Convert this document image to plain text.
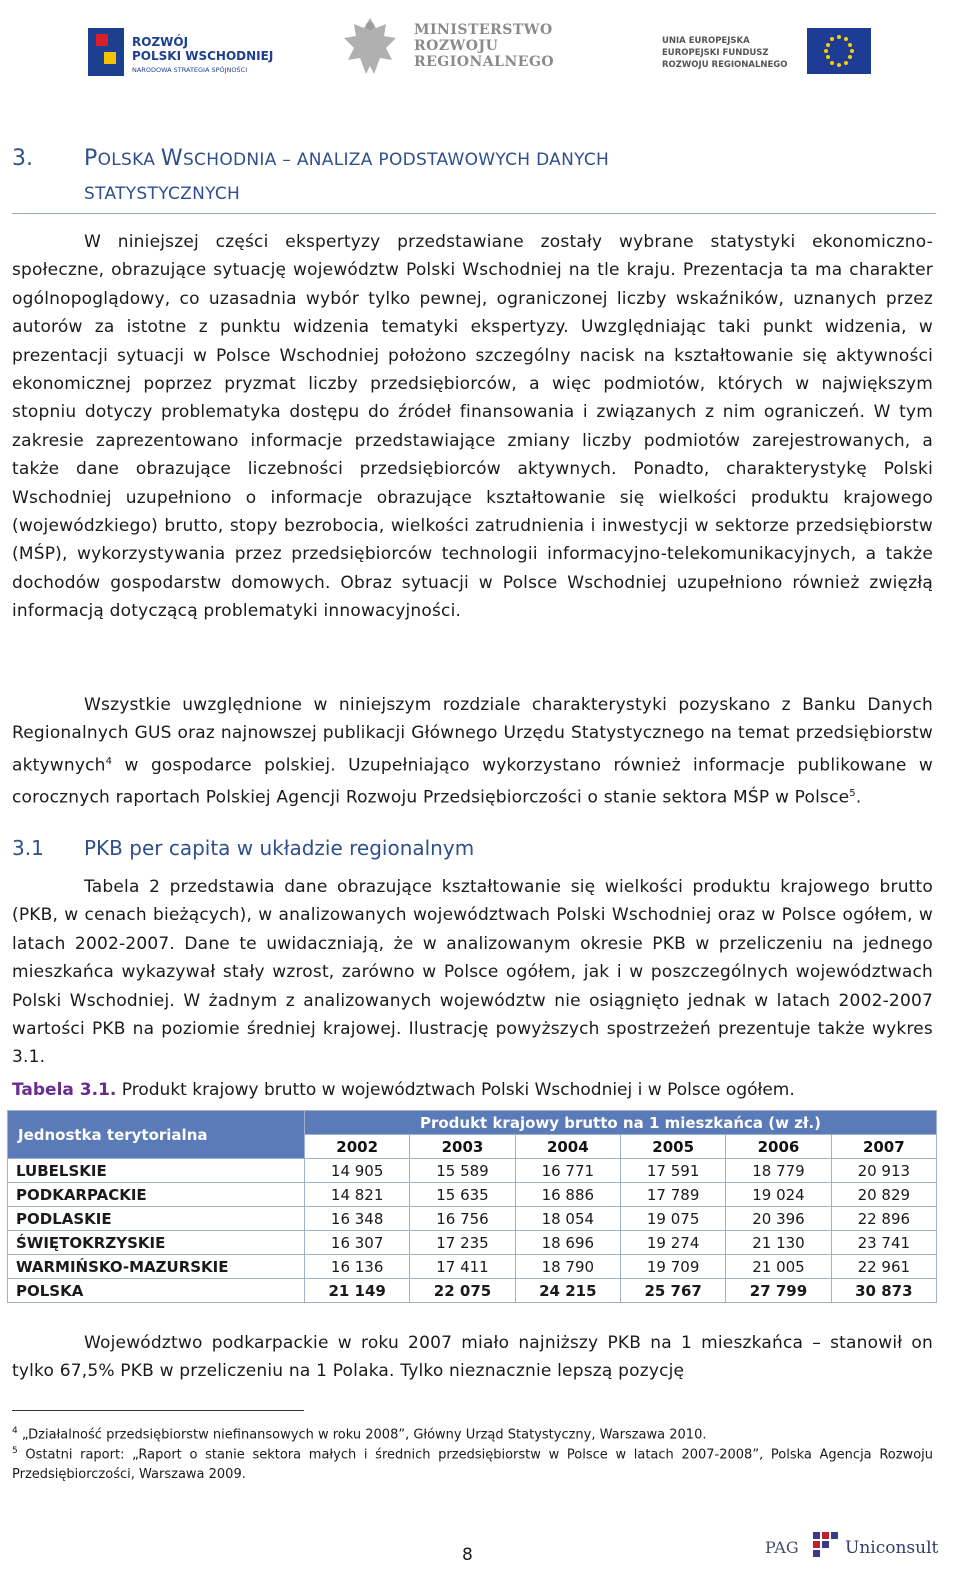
ROZWÓJ
POLSKI WSCHODNIEJ
NARODOWA STRATEGIA SPÓJNOŚCI
MINISTERSTWO
ROZWOJU
REGIONALNEGO
UNIA EUROPEJSKA
EUROPEJSKI FUNDUSZ
ROZWOJU REGIONALNEGO
3. POLSKA WSCHODNIA – ANALIZA PODSTAWOWYCH DANYCH
STATYSTYCZNYCH

W niniejszej części ekspertyzy przedstawiane zostały wybrane statystyki ekonomiczno-społeczne, obrazujące sytuację województw Polski Wschodniej na tle kraju. Prezentacja ta ma charakter ogólnopoglądowy, co uzasadnia wybór tylko pewnej, ograniczonej liczby wskaźników, uznanych przez autorów za istotne z punktu widzenia tematyki ekspertyzy. Uwzględniając taki punkt widzenia, w prezentacji sytuacji w Polsce Wschodniej położono szczególny nacisk na kształtowanie się aktywności ekonomicznej poprzez pryzmat liczby przedsiębiorców, a więc podmiotów, których w największym stopniu dotyczy problematyka dostępu do źródeł finansowania i związanych z nim ograniczeń. W tym zakresie zaprezentowano informacje przedstawiające zmiany liczby podmiotów zarejestrowanych, a także dane obrazujące liczebności przedsiębiorców aktywnych. Ponadto, charakterystykę Polski Wschodniej uzupełniono o informacje obrazujące kształtowanie się wielkości produktu krajowego (wojewódzkiego) brutto, stopy bezrobocia, wielkości zatrudnienia i inwestycji w sektorze przedsiębiorstw (MŚP), wykorzystywania przez przedsiębiorców technologii informacyjno-telekomunikacyjnych, a także dochodów gospodarstw domowych. Obraz sytuacji w Polsce Wschodniej uzupełniono również zwięzłą informacją dotyczącą problematyki innowacyjności.

Wszystkie uwzględnione w niniejszym rozdziale charakterystyki pozyskano z Banku Danych Regionalnych GUS oraz najnowszej publikacji Głównego Urzędu Statystycznego na temat przedsiębiorstw aktywnych$^4$ w gospodarce polskiej. Uzupełniająco wykorzystano również informacje publikowane w corocznych raportach Polskiej Agencji Rozwoju Przedsiębiorczości o stanie sektora MŚP w Polsce$^5$.

3.1 PKB per capita w układzie regionalnym

Tabela 2 przedstawia dane obrazujące kształtowanie się wielkości produktu krajowego brutto (PKB, w cenach bieżących), w analizowanych województwach Polski Wschodniej oraz w Polsce ogółem, w latach 2002-2007. Dane te uwidaczniają, że w analizowanym okresie PKB w przeliczeniu na jednego mieszkańca wykazywał stały wzrost, zarówno w Polsce ogółem, jak i w poszczególnych województwach Polski Wschodniej. W żadnym z analizowanych województw nie osiągnięto jednak w latach 2002-2007 wartości PKB na poziomie średniej krajowej. Ilustrację powyższych spostrzeżeń prezentuje także wykres 3.1.

Tabela 3.1. Produkt krajowy brutto w województwach Polski Wschodniej i w Polsce ogółem.
Jednostka terytorialna	Produkt krajowy brutto na 1 mieszkańca (w zł.)					
	2002	2003	2004	2005	2006	2007
LUBELSKIE	14 905	15 589	16 771	17 591	18 779	20 913
PODKARPACKIE	14 821	15 635	16 886	17 789	19 024	20 829
PODLASKIE	16 348	16 756	18 054	19 075	20 396	22 896
ŚWIĘTOKRZYSKIE	16 307	17 235	18 696	19 274	21 130	23 741
WARMIŃSKO-MAZURSKIE	16 136	17 411	18 790	19 709	21 005	22 961
POLSKA	21 149	22 075	24 215	25 767	27 799	30 873

Województwo podkarpackie w roku 2007 miało najniższy PKB na 1 mieszkańca – stanowił on tylko 67,5% PKB w przeliczeniu na 1 Polaka. Tylko nieznacznie lepszą pozycję

$^4$ „Działalność przedsiębiorstw niefinansowych w roku 2008”, Główny Urząd Statystyczny, Warszawa 2010.
$^5$ Ostatni raport: „Raport o stanie sektora małych i średnich przedsiębiorstw w Polsce w latach 2007-2008”, Polska Agencja Rozwoju Przedsiębiorczości, Warszawa 2009.
8	PAG	Uniconsult
